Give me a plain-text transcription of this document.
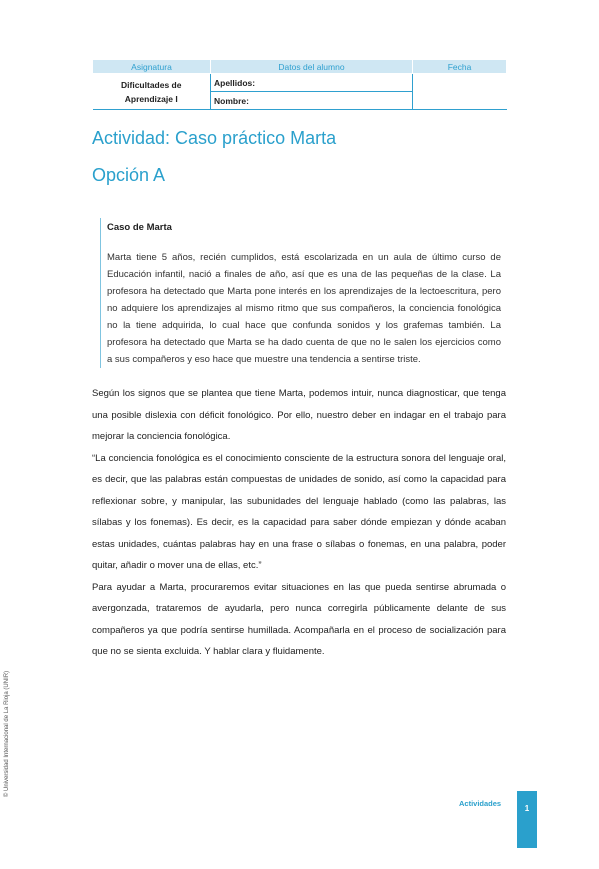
Asignatura	Datos del alumno	Fecha
Dificultades de
Aprendizaje I	Apellidos:	
	Nombre:	
Actividad: Caso práctico Marta
Opción A

Caso de Marta

Marta tiene 5 años, recién cumplidos, está escolarizada en un aula de último curso de Educación infantil, nació a finales de año, así que es una de las pequeñas de la clase. La profesora ha detectado que Marta pone interés en los aprendizajes de la lectoescritura, pero no adquiere los aprendizajes al mismo ritmo que sus compañeros, la conciencia fonológica no la tiene adquirida, lo cual hace que confunda sonidos y los grafemas también. La profesora ha detectado que Marta se ha dado cuenta de que no le salen los ejercicios como a sus compañeros y eso hace que muestre una tendencia a sentirse triste.

Según los signos que se plantea que tiene Marta, podemos intuir, nunca diagnosticar, que tenga una posible dislexia con déficit fonológico. Por ello, nuestro deber en indagar en el trabajo para mejorar la conciencia fonológica.

“La conciencia fonológica es el conocimiento consciente de la estructura sonora del lenguaje oral, es decir, que las palabras están compuestas de unidades de sonido, así como la capacidad para reflexionar sobre, y manipular, las subunidades del lenguaje hablado (como las palabras, las sílabas y los fonemas). Es decir, es la capacidad para saber dónde empiezan y dónde acaban estas unidades, cuántas palabras hay en una frase o sílabas o fonemas, en una palabra, poder quitar, añadir o mover una de ellas, etc.”

Para ayudar a Marta, procuraremos evitar situaciones en las que pueda sentirse abrumada o avergonzada, trataremos de ayudarla, pero nunca corregirla públicamente delante de sus compañeros ya que podría sentirse humillada. Acompañarla en el proceso de socialización para que no se sienta excluida. Y hablar clara y fluidamente.

© Universidad Internacional de La Rioja (UNIR)
Actividades
1
